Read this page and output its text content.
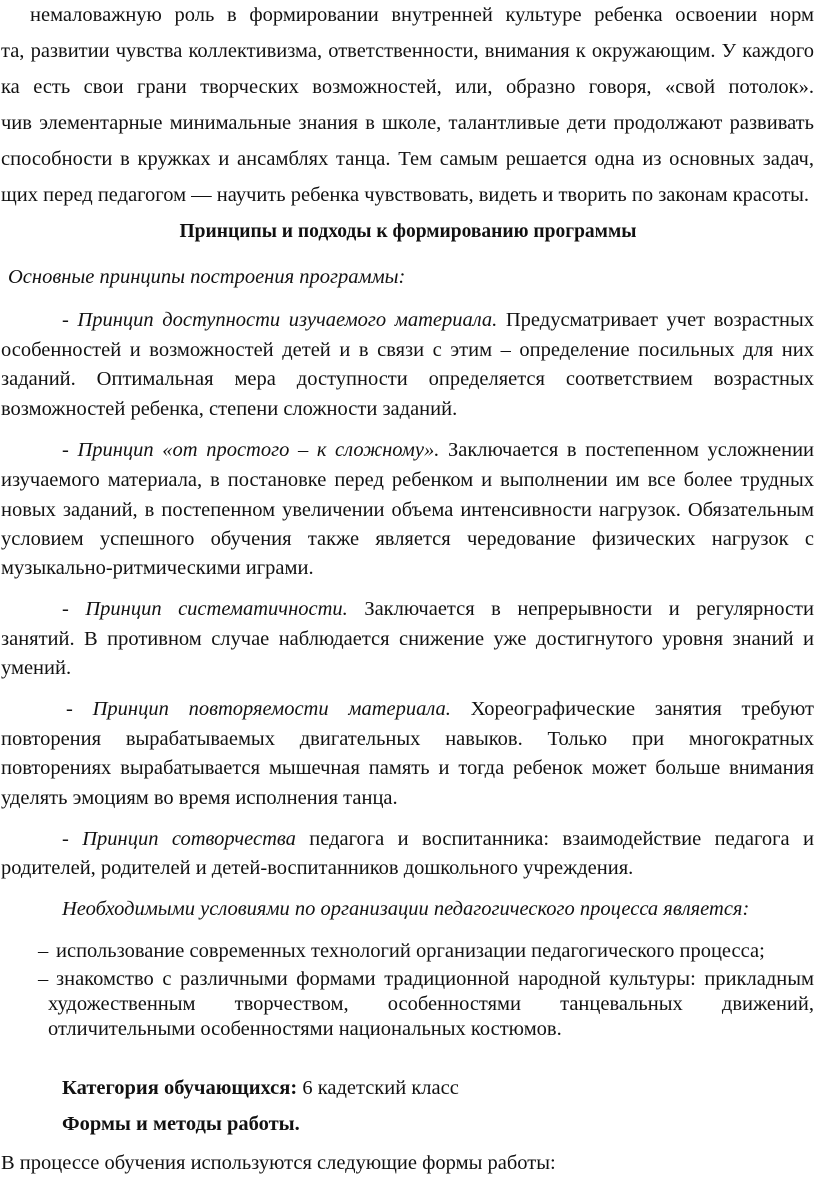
немаловажную роль в формировании внутренней культуре ребенка освоении норм
та, развитии чувства коллективизма, ответственности, внимания к окружающим. У каждого
ка есть свои грани творческих возможностей, или, образно говоря, «свой потолок».
чив элементарные минимальные знания в школе, талантливые дети продолжают развивать
способности в кружках и ансамблях танца. Тем самым решается одна из основных задач,
щих перед педагогом — научить ребенка чувствовать, видеть и творить по законам красоты.
Принципы и подходы к формированию программы
Основные принципы построения программы:
- Принцип доступности изучаемого материала. Предусматривает учет возрастных
особенностей и возможностей детей и в связи с этим – определение посильных для них
заданий. Оптимальная мера доступности определяется соответствием возрастных
возможностей ребенка, степени сложности заданий.
- Принцип «от простого – к сложному». Заключается в постепенном усложнении
изучаемого материала, в постановке перед ребенком и выполнении им все более трудных
новых заданий, в постепенном увеличении объема интенсивности нагрузок. Обязательным
условием успешного обучения также является чередование физических нагрузок с
музыкально-ритмическими играми.
- Принцип систематичности. Заключается в непрерывности и регулярности
занятий. В противном случае наблюдается снижение уже достигнутого уровня знаний и
умений.
- Принцип повторяемости материала. Хореографические занятия требуют
повторения вырабатываемых двигательных навыков. Только при многократных
повторениях вырабатывается мышечная память и тогда ребенок может больше внимания
уделять эмоциям во время исполнения танца.
- Принцип сотворчества педагога и воспитанника: взаимодействие педагога и
родителей, родителей и детей-воспитанников дошкольного учреждения.
Необходимыми условиями по организации педагогического процесса является:
– использование современных технологий организации педагогического процесса;
– знакомство с различными формами традиционной народной культуры: прикладным
художественным творчеством, особенностями танцевальных движений,
отличительными особенностями национальных костюмов.
Категория обучающихся: 6 кадетский класс
Формы и методы работы.
В процессе обучения используются следующие формы работы:
